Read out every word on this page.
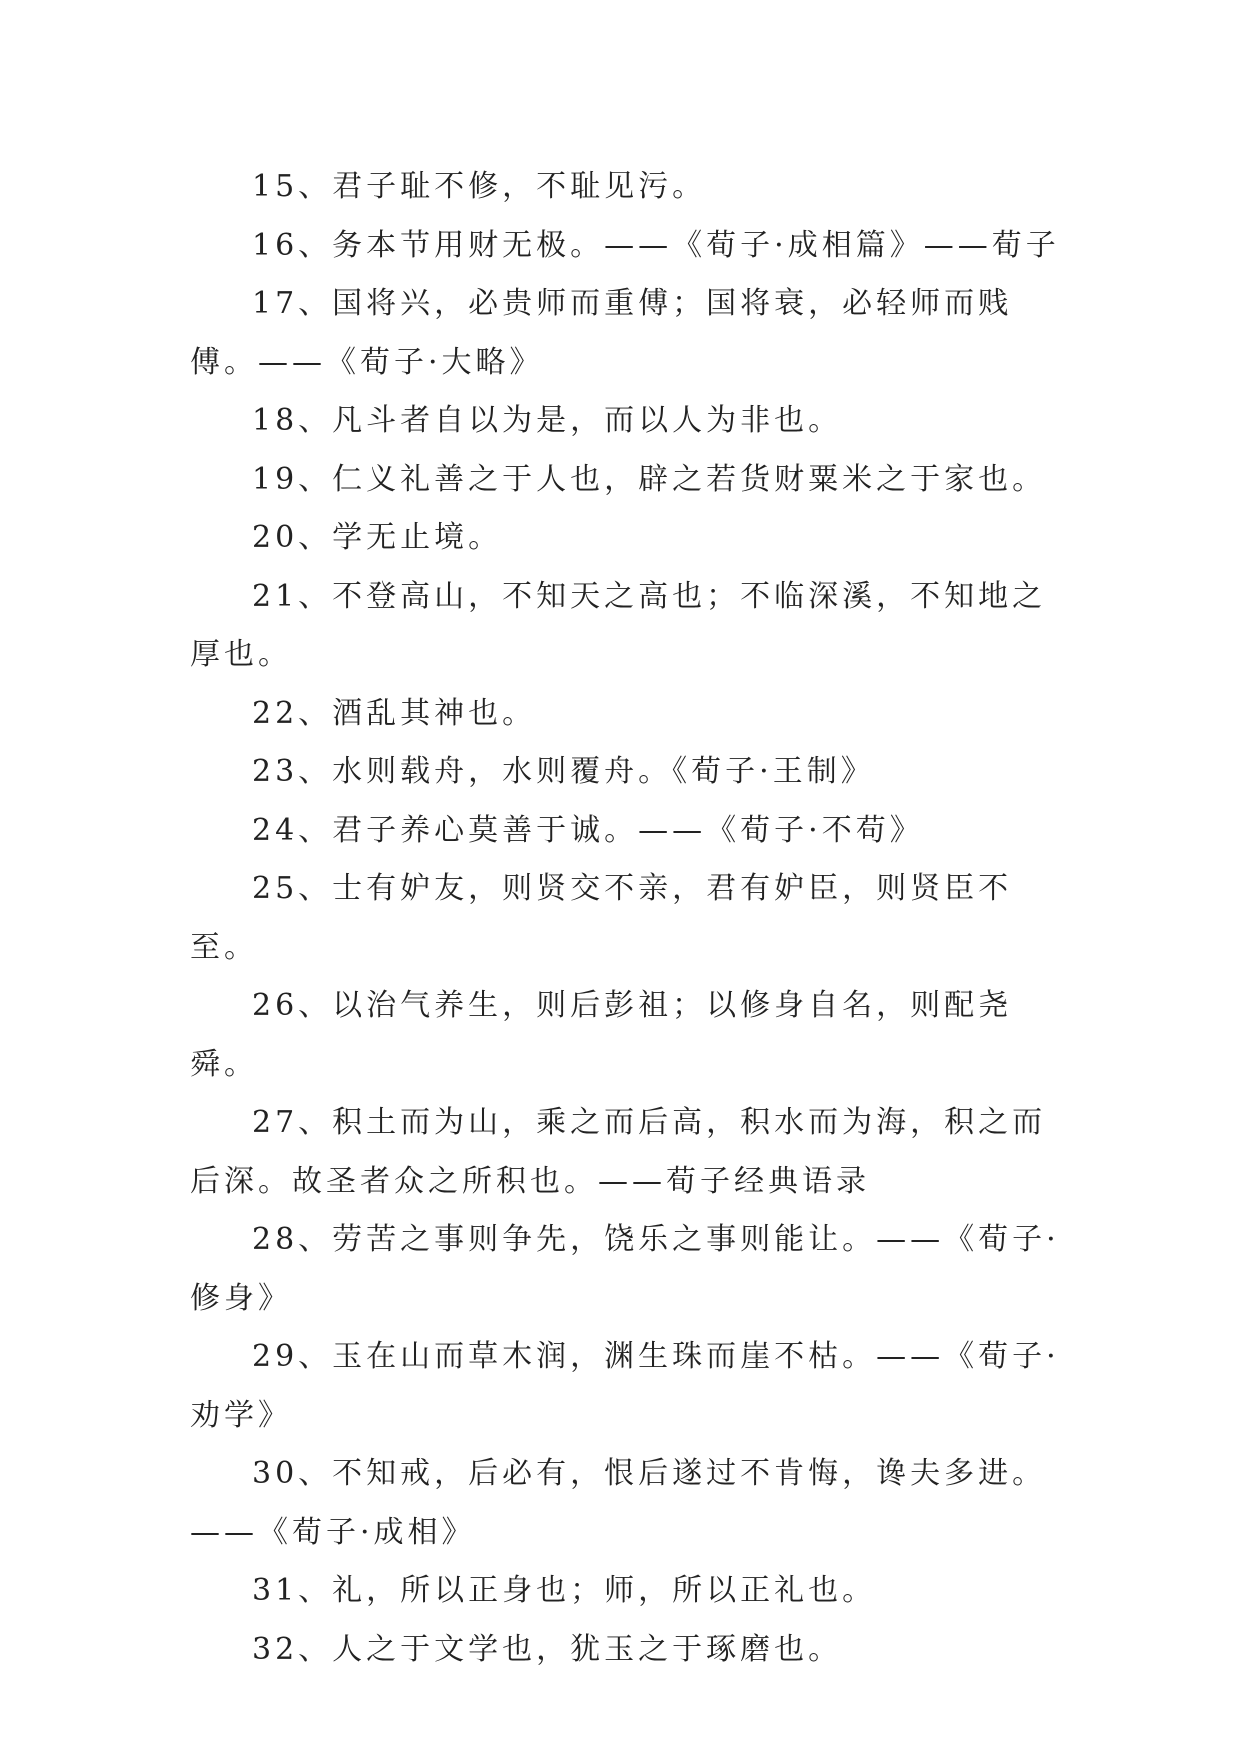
15、君子耻不修，不耻见污。

16、务本节用财无极。——《荀子·成相篇》——荀子

17、国将兴，必贵师而重傅；国将衰，必轻师而贱傅。——《荀子·大略》

18、凡斗者自以为是，而以人为非也。

19、仁义礼善之于人也，辟之若货财粟米之于家也。

20、学无止境。

21、不登高山，不知天之高也；不临深溪，不知地之厚也。

22、酒乱其神也。

23、水则载舟，水则覆舟。《荀子·王制》

24、君子养心莫善于诚。——《荀子·不苟》

25、士有妒友，则贤交不亲，君有妒臣，则贤臣不至。

26、以治气养生，则后彭祖；以修身自名，则配尧舜。

27、积土而为山，乘之而后高，积水而为海，积之而后深。故圣者众之所积也。——荀子经典语录

28、劳苦之事则争先，饶乐之事则能让。——《荀子·修身》

29、玉在山而草木润，渊生珠而崖不枯。——《荀子·劝学》

30、不知戒，后必有，恨后遂过不肯悔，谗夫多进。——《荀子·成相》

31、礼，所以正身也；师，所以正礼也。

32、人之于文学也，犹玉之于琢磨也。
